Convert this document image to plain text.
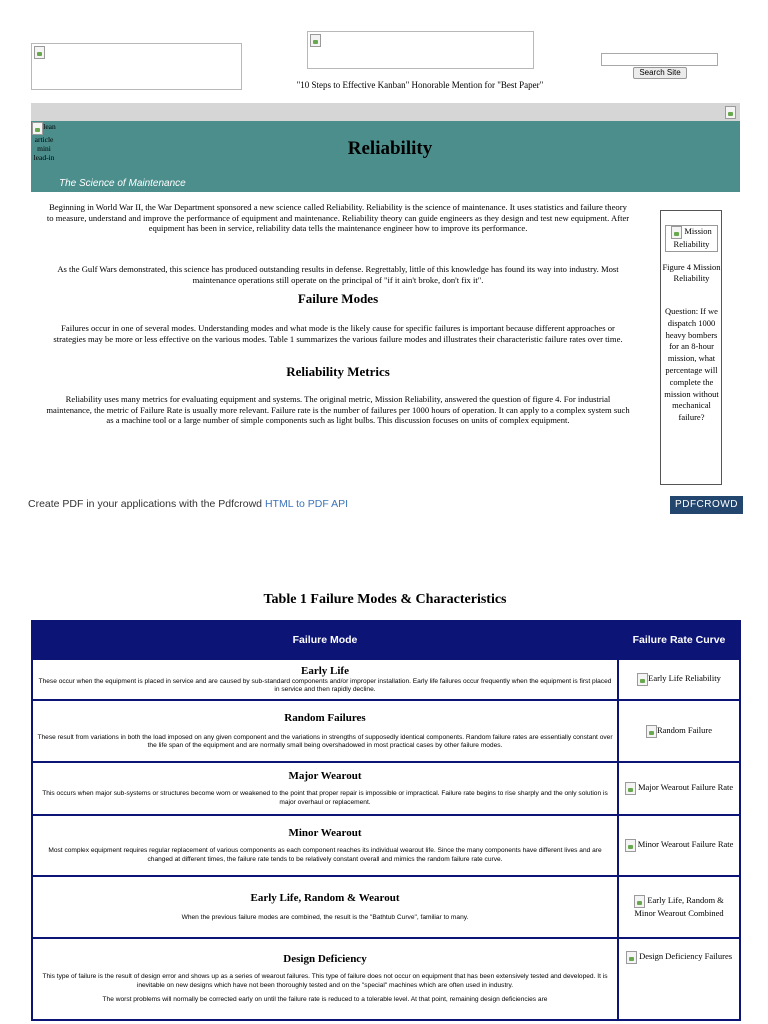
"10 Steps to Effective Kanban" Honorable Mention for "Best Paper"
Search Site
lean article mini lead-in	Reliability
The Science of Maintenance

Beginning in World War II, the War Department sponsored a new science called Reliability. Reliability is the science of maintenance. It uses statistics and failure theory to measure, understand and improve the performance of equipment and maintenance. Reliability theory can guide engineers as they design and test new equipment. After equipment has been in service, reliability data tells the maintenance engineer how to improve its performance.

As the Gulf Wars demonstrated, this science has produced outstanding results in defense. Regrettably, little of this knowledge has found its way into industry. Most maintenance operations still operate on the principal of "if it ain't broke, don't fix it".

Failure Modes

Failures occur in one of several modes. Understanding modes and what mode is the likely cause for specific failures is important because different approaches or strategies may be more or less effective on the various modes. Table 1 summarizes the various failure modes and illustrates their characteristic failure rates over time.

Reliability Metrics

Reliability uses many metrics for evaluating equipment and systems. The original metric, Mission Reliability, answered the question of figure 4. For industrial maintenance, the metric of Failure Rate is usually more relevant. Failure rate is the number of failures per 1000 hours of operation. It can apply to a complex system such as a machine tool or a large number of simple components such as light bulbs. This discussion focuses on units of complex equipment.

Mission Reliability
Figure 4 Mission Reliability
Question: If we dispatch 1000 heavy bombers for an 8-hour mission, what percentage will complete the mission without mechanical failure?
Create PDF in your applications with the Pdfcrowd HTML to PDF API	PDFCROWD
Table 1 Failure Modes & Characteristics
Failure Mode	Failure Rate Curve

Early Life

These occur when the equipment is placed in service and are caused by sub-standard components and/or improper installation. Early life failures occur frequently when the equipment is first placed in service and then rapidly decline.	Early Life Reliability

Random Failures

These result from variations in both the load imposed on any given component and the variations in strengths of supposedly identical components. Random failure rates are essentially constant over the life span of the equipment and are normally small being overshadowed in most practical cases by other failure modes.	Random Failure

Major Wearout

This occurs when major sub-systems or structures become worn or weakened to the point that proper repair is impossible or impractical. Failure rate begins to rise sharply and the only solution is major overhaul or replacement.	Major Wearout Failure Rate

Minor Wearout

Most complex equipment requires regular replacement of various components as each component reaches its individual wearout life. Since the many components have different lives and are changed at different times, the failure rate tends to be relatively constant overall and mimics the random failure rate curve.	Minor Wearout Failure Rate

Early Life, Random & Wearout

When the previous failure modes are combined, the result is the "Bathtub Curve", familiar to many.	Early Life, Random & Minor Wearout Combined

Design Deficiency

This type of failure is the result of design error and shows up as a series of wearout failures. This type of failure does not occur on equipment that has been extensively tested and developed. It is inevitable on new designs which have not been thoroughly tested and on the "special" machines which are often used in industry.

The worst problems will normally be corrected early on until the failure rate is reduced to a tolerable level. At that point, remaining design deficiencies are	Design Deficiency Failures
